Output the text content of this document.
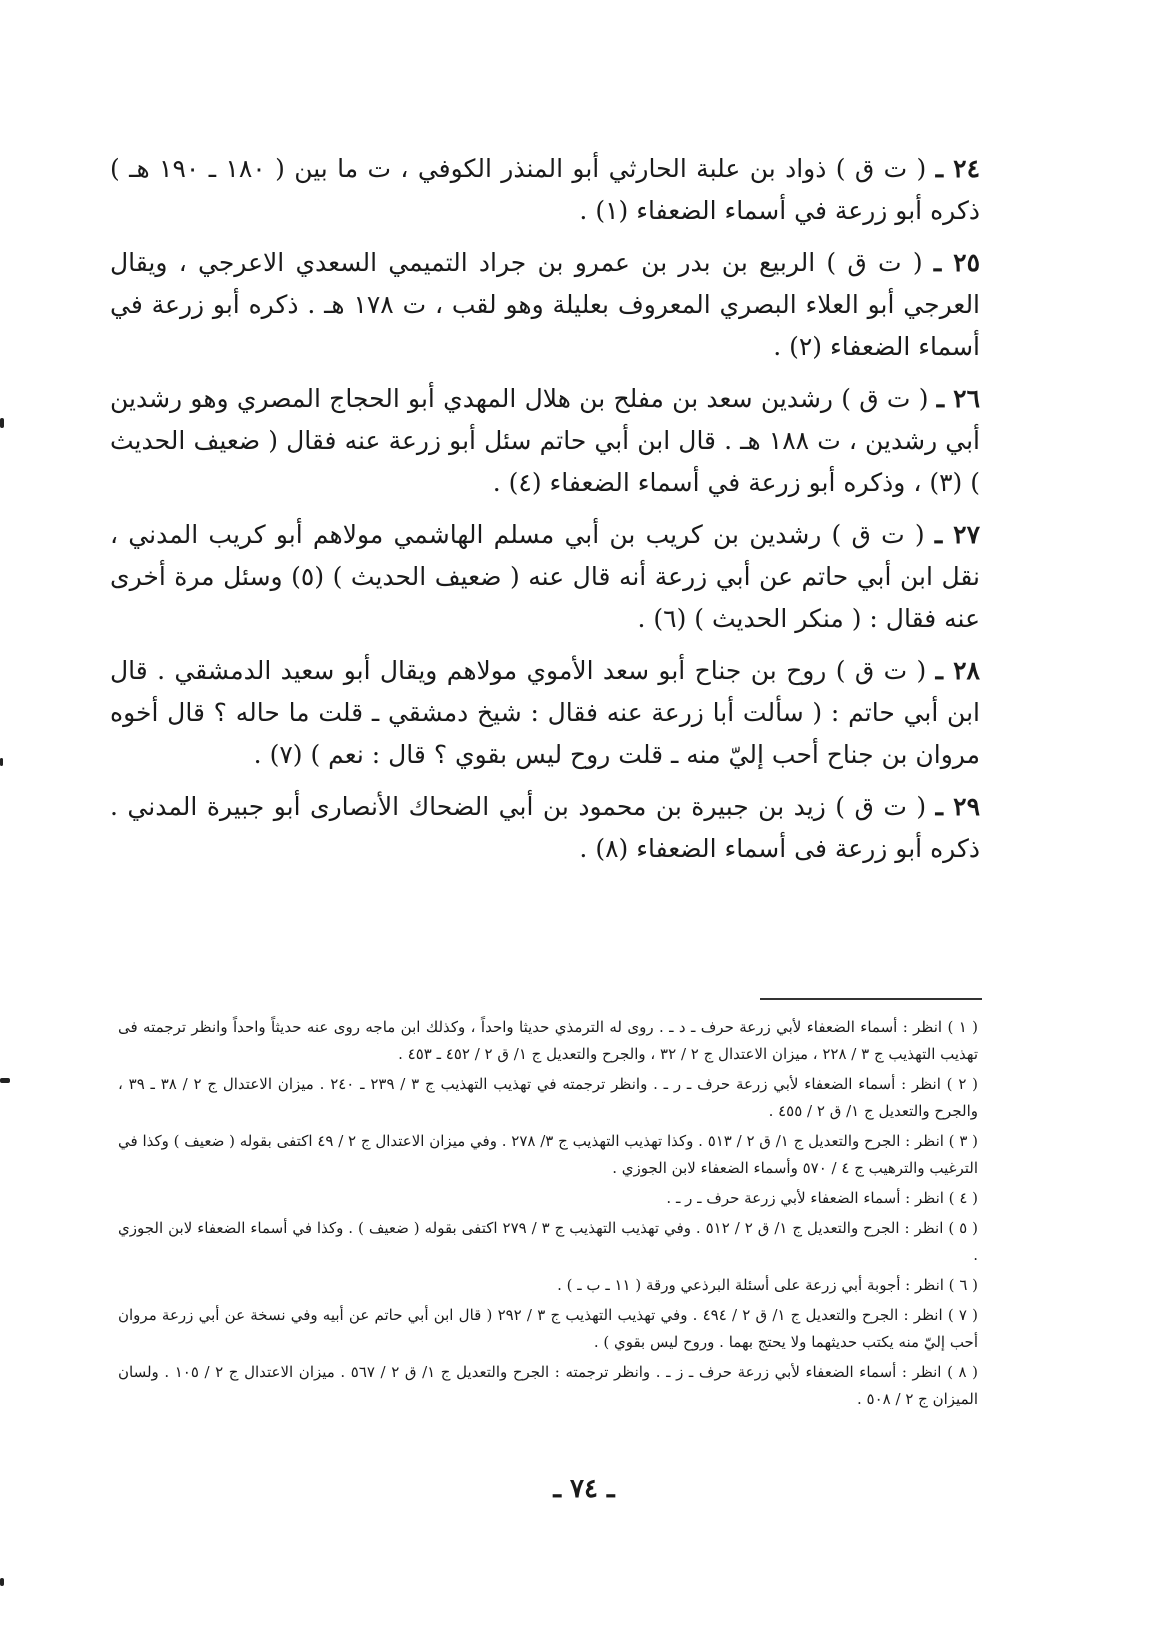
٢٤ ـ ( ت ق ) ذواد بن علبة الحارثي أبو المنذر الكوفي ، ت ما بين ( ١٨٠ ـ ١٩٠ هـ ) ذكره أبو زرعة في أسماء الضعفاء (١) .

٢٥ ـ ( ت ق ) الربيع بن بدر بن عمرو بن جراد التميمي السعدي الاعرجي ، ويقال العرجي أبو العلاء البصري المعروف بعليلة وهو لقب ، ت ١٧٨ هـ . ذكره أبو زرعة في أسماء الضعفاء (٢) .

٢٦ ـ ( ت ق ) رشدين سعد بن مفلح بن هلال المهدي أبو الحجاج المصري وهو رشدين أبي رشدين ، ت ١٨٨ هـ . قال ابن أبي حاتم سئل أبو زرعة عنه فقال ( ضعيف الحديث ) (٣) ، وذكره أبو زرعة في أسماء الضعفاء (٤) .

٢٧ ـ ( ت ق ) رشدين بن كريب بن أبي مسلم الهاشمي مولاهم أبو كريب المدني ، نقل ابن أبي حاتم عن أبي زرعة أنه قال عنه ( ضعيف الحديث ) (٥) وسئل مرة أخرى عنه فقال : ( منكر الحديث ) (٦) .

٢٨ ـ ( ت ق ) روح بن جناح أبو سعد الأموي مولاهم ويقال أبو سعيد الدمشقي . قال ابن أبي حاتم : ( سألت أبا زرعة عنه فقال : شيخ دمشقي ـ قلت ما حاله ؟ قال أخوه مروان بن جناح أحب إليّ منه ـ قلت روح ليس بقوي ؟ قال : نعم ) (٧) .

٢٩ ـ ( ت ق ) زيد بن جبيرة بن محمود بن أبي الضحاك الأنصارى أبو جبيرة المدني . ذكره أبو زرعة فى أسماء الضعفاء (٨) .

( ١ ) انظر : أسماء الضعفاء لأبي زرعة حرف ـ د ـ . روى له الترمذي حديثا واحداً ، وكذلك ابن ماجه روى عنه حديثاً واحداً وانظر ترجمته فى تهذيب التهذيب ج ٣ / ٢٢٨ ، ميزان الاعتدال ج ٢ / ٣٢ ، والجرح والتعديل ج ١/ ق ٢ / ٤٥٢ ـ ٤٥٣ .

( ٢ ) انظر : أسماء الضعفاء لأبي زرعة حرف ـ ر ـ . وانظر ترجمته في تهذيب التهذيب ج ٣ / ٢٣٩ ـ ٢٤٠ . ميزان الاعتدال ج ٢ / ٣٨ ـ ٣٩ ، والجرح والتعديل ج ١/ ق ٢ / ٤٥٥ .

( ٣ ) انظر : الجرح والتعديل ج ١/ ق ٢ / ٥١٣ . وكذا تهذيب التهذيب ج ٣/ ٢٧٨ . وفي ميزان الاعتدال ج ٢ / ٤٩ اكتفى بقوله ( ضعيف ) وكذا في الترغيب والترهيب ج ٤ / ٥٧٠ وأسماء الضعفاء لابن الجوزي .

( ٤ ) انظر : أسماء الضعفاء لأبي زرعة حرف ـ ر ـ .

( ٥ ) انظر : الجرح والتعديل ج ١/ ق ٢ / ٥١٢ . وفي تهذيب التهذيب ج ٣ / ٢٧٩ اكتفى بقوله ( ضعيف ) . وكذا في أسماء الضعفاء لابن الجوزي .

( ٦ ) انظر : أجوبة أبي زرعة على أسئلة البرذعي ورقة ( ١١ ـ ب ـ ) .

( ٧ ) انظر : الجرح والتعديل ج ١/ ق ٢ / ٤٩٤ . وفي تهذيب التهذيب ج ٣ / ٢٩٢ ( قال ابن أبي حاتم عن أبيه وفي نسخة عن أبي زرعة مروان أحب إليّ منه يكتب حديثهما ولا يحتج بهما . وروح ليس بقوي ) .

( ٨ ) انظر : أسماء الضعفاء لأبي زرعة حرف ـ ز ـ . وانظر ترجمته : الجرح والتعديل ج ١/ ق ٢ / ٥٦٧ . ميزان الاعتدال ج ٢ / ١٠٥ . ولسان الميزان ج ٢ / ٥٠٨ .

ـ ٧٤ ـ
